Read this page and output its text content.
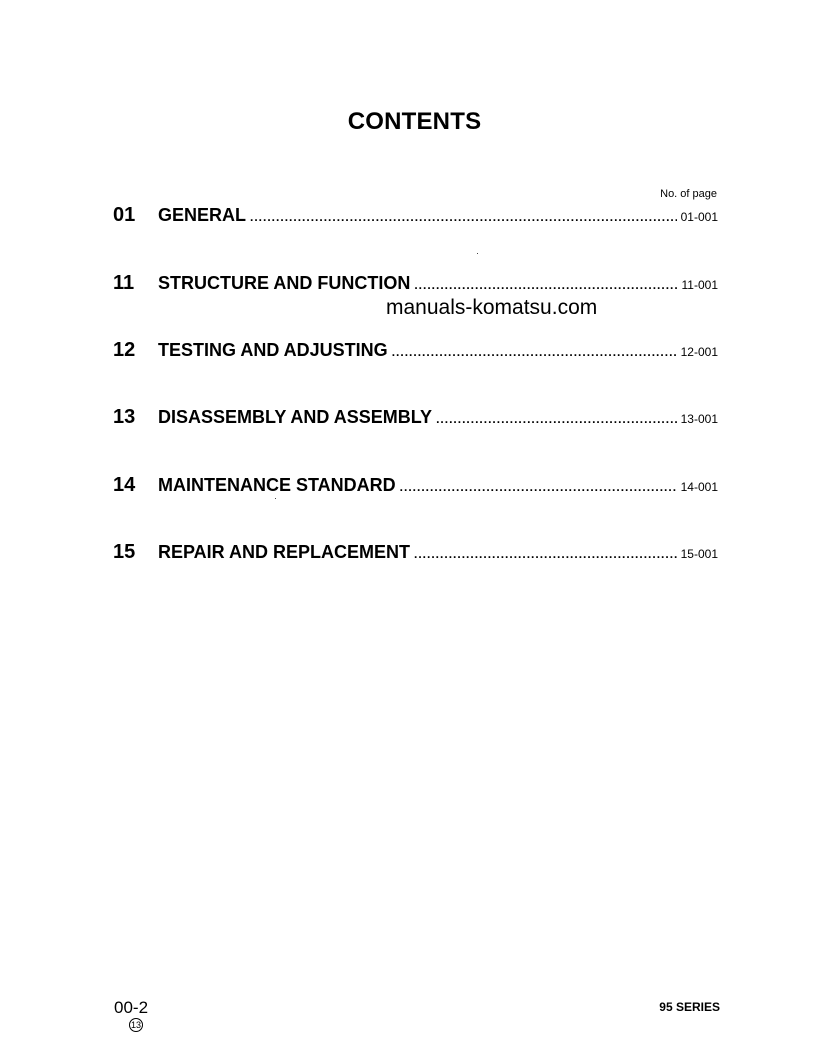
CONTENTS
No. of page
01	GENERAL .....	01-001
11	STRUCTURE AND FUNCTION .....	11-001
manuals-komatsu.com
12	TESTING AND ADJUSTING .....	12-001
13	DISASSEMBLY AND ASSEMBLY .....	13-001
14	MAINTENANCE STANDARD .....	14-001
15	REPAIR AND REPLACEMENT .....	15-001
00-2
13
95 SERIES
